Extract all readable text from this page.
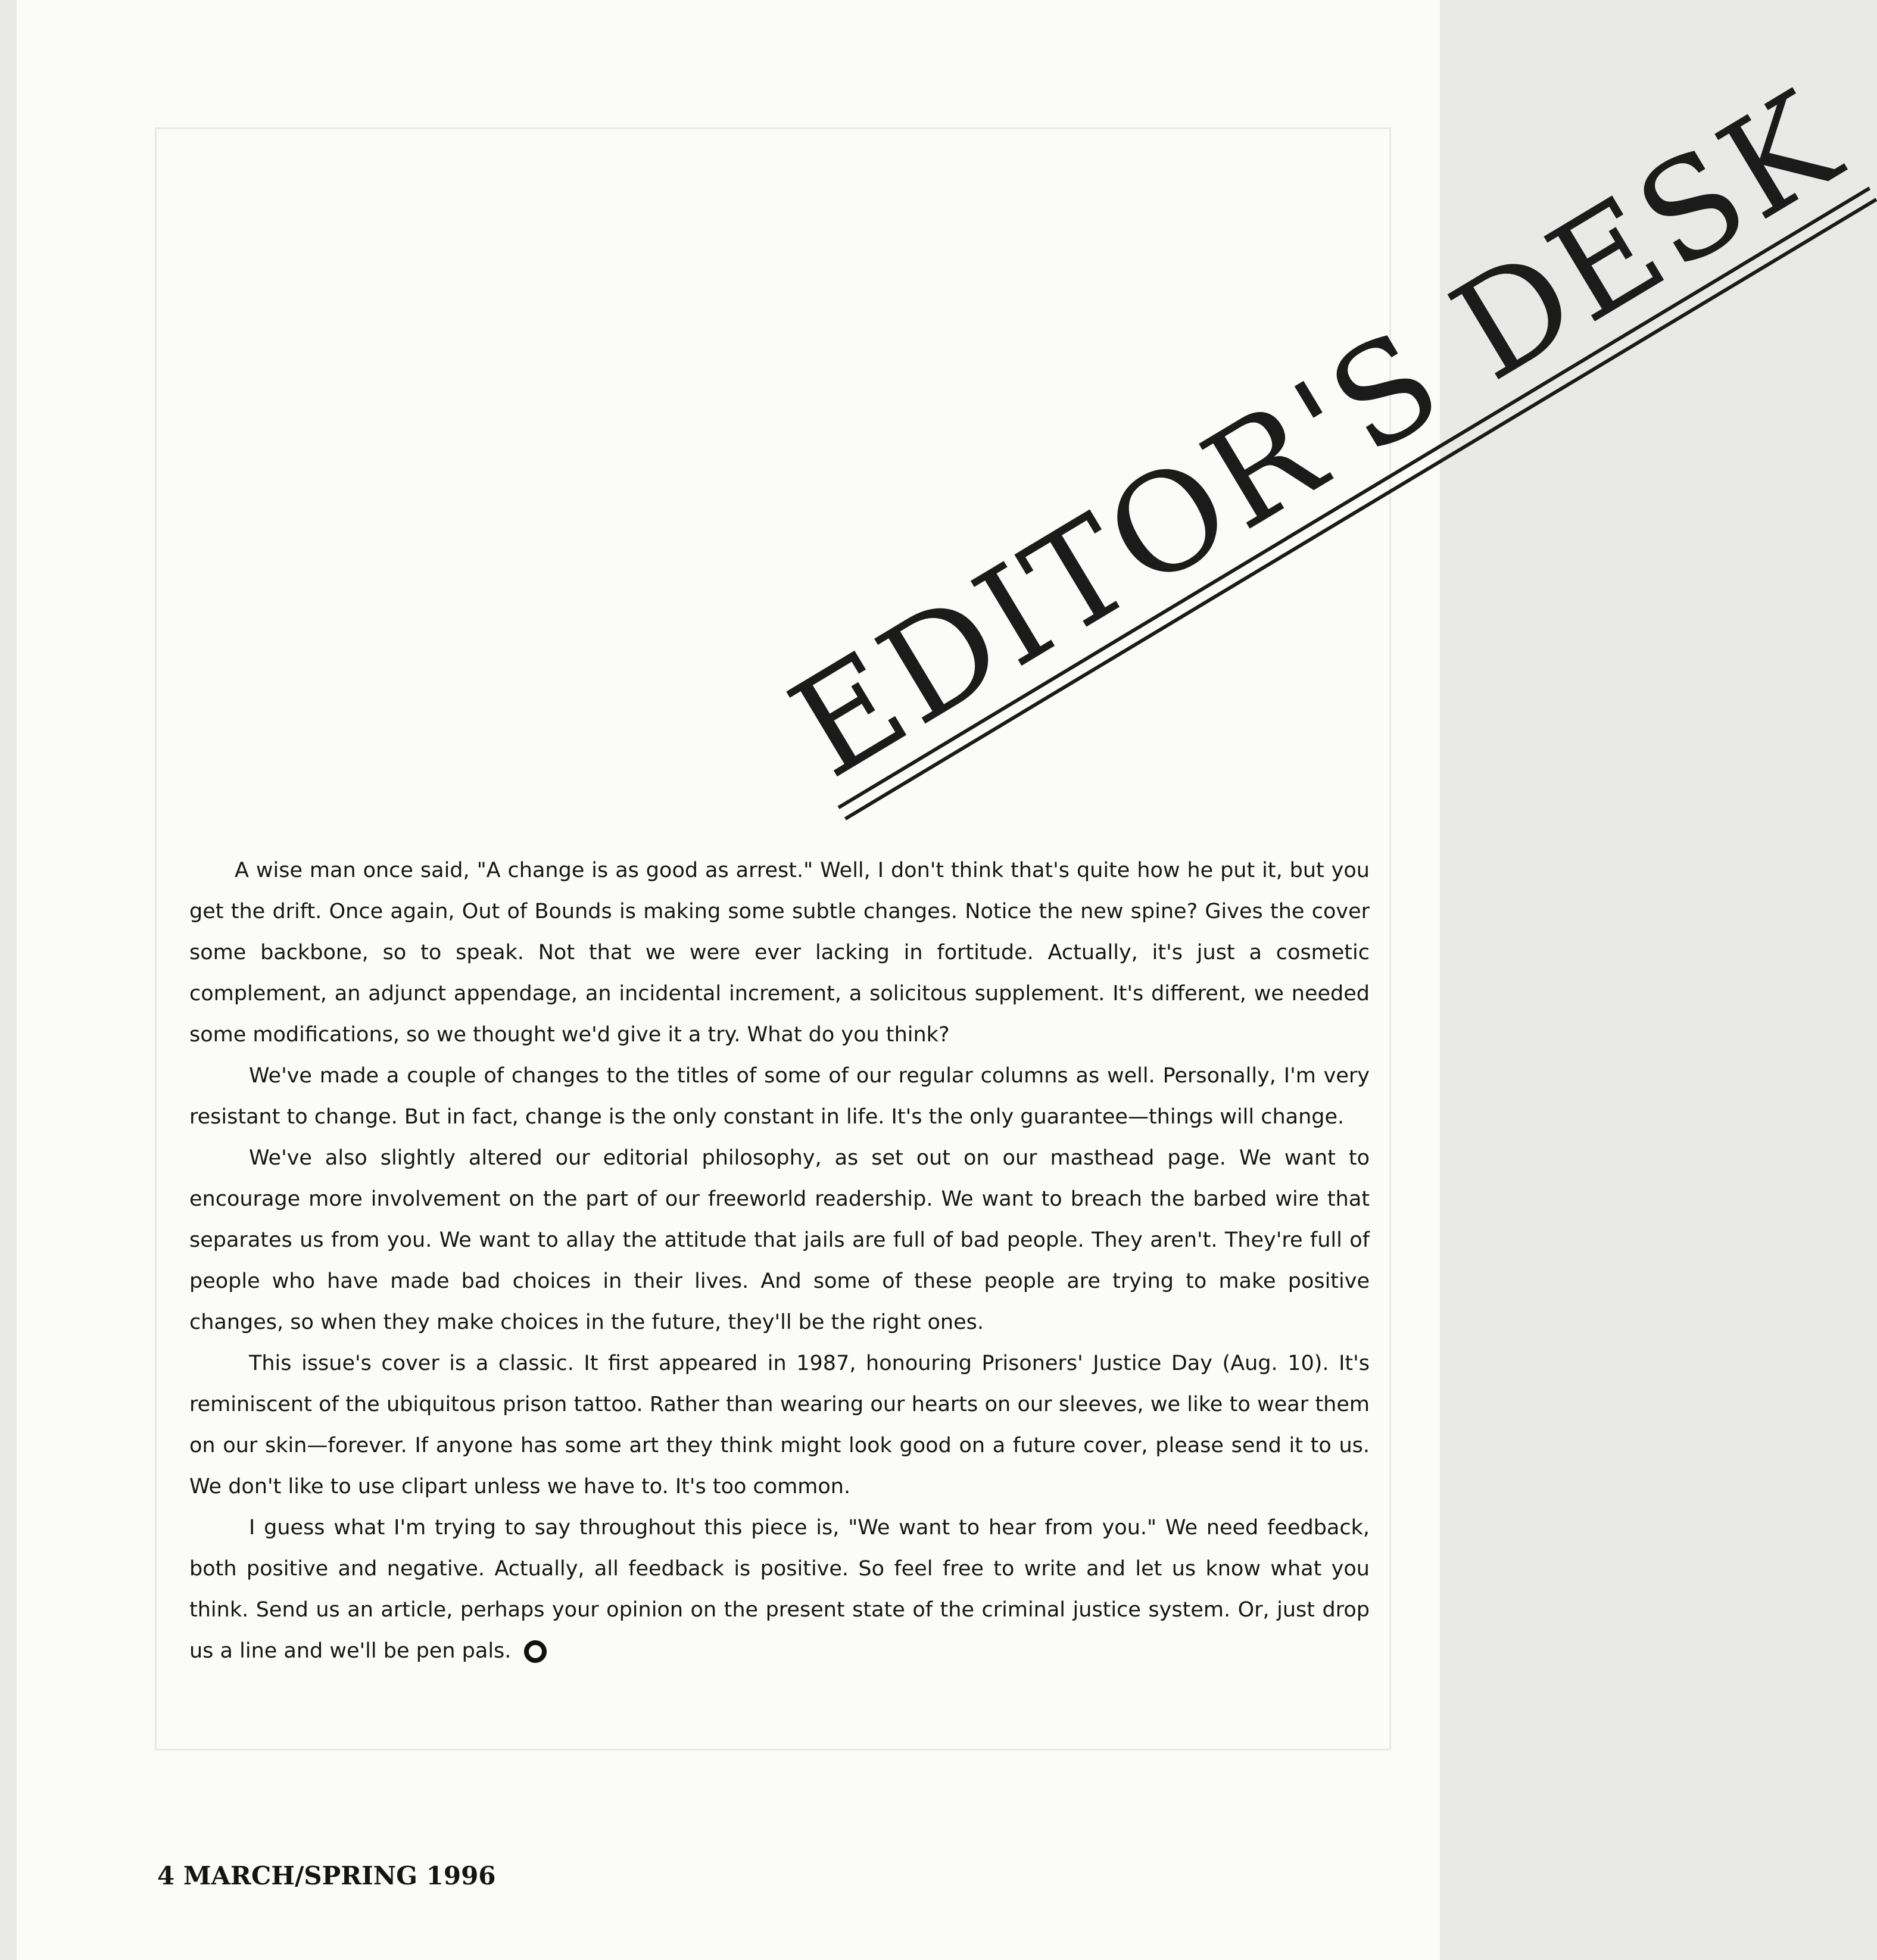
EDITOR'S DESK

A wise man once said, "A change is as good as arrest." Well, I don't think that's quite how he put it, but you get the drift. Once again, Out of Bounds is making some subtle changes. Notice the new spine? Gives the cover some backbone, so to speak. Not that we were ever lacking in fortitude. Actually, it's just a cosmetic complement, an adjunct appendage, an incidental increment, a solicitous supplement. It's different, we needed some modifications, so we thought we'd give it a try. What do you think?

We've made a couple of changes to the titles of some of our regular columns as well. Personally, I'm very resistant to change. But in fact, change is the only constant in life. It's the only guarantee—things will change.

We've also slightly altered our editorial philosophy, as set out on our masthead page. We want to encourage more involvement on the part of our freeworld readership. We want to breach the barbed wire that separates us from you. We want to allay the attitude that jails are full of bad people. They aren't. They're full of people who have made bad choices in their lives. And some of these people are trying to make positive changes, so when they make choices in the future, they'll be the right ones.

This issue's cover is a classic. It first appeared in 1987, honouring Prisoners' Justice Day (Aug. 10). It's reminiscent of the ubiquitous prison tattoo. Rather than wearing our hearts on our sleeves, we like to wear them on our skin—forever. If anyone has some art they think might look good on a future cover, please send it to us. We don't like to use clipart unless we have to. It's too common.

I guess what I'm trying to say throughout this piece is, "We want to hear from you." We need feedback, both positive and negative. Actually, all feedback is positive. So feel free to write and let us know what you think. Send us an article, perhaps your opinion on the present state of the criminal justice system. Or, just drop us a line and we'll be pen pals.

4 MARCH/SPRING 1996
